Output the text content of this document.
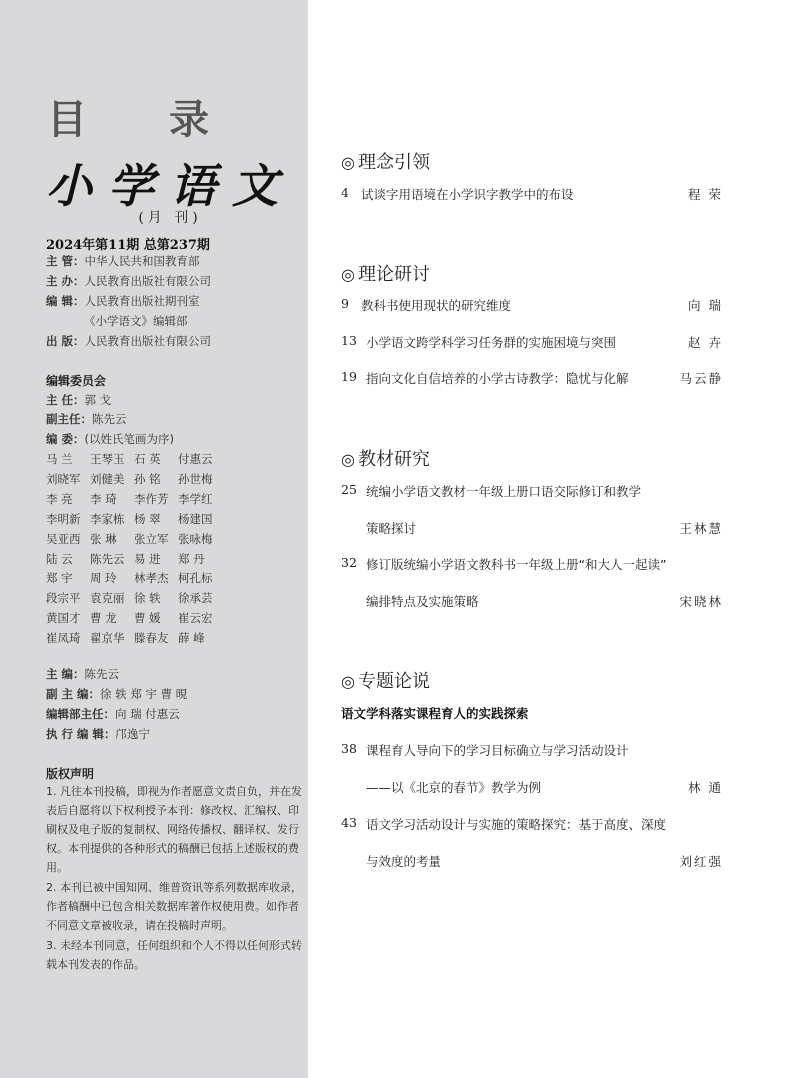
目 录
小学语文
(月 刊)
2024年第11期 总第237期
主 管：中华人民共和国教育部
主 办：人民教育出版社有限公司
编 辑：人民教育出版社期刊室
《小学语文》编辑部
出 版：人民教育出版社有限公司
编辑委员会
主 任：郭 戈
副主任：陈先云
编 委：(以姓氏笔画为序)
马 兰 王琴玉 石 英 付惠云
刘晓军 刘健美 孙 铭 孙世梅
李 亮 李 琦 李作芳 李学红
李明新 李家栋 杨 翠 杨建国
吴亚西 张 琳 张立军 张咏梅
陆 云 陈先云 易 进 郑 丹
郑 宇 周 玲 林孝杰 柯孔标
段宗平 袁克丽 徐 轶 徐承芸
黄国才 曹 龙 曹 媛 崔云宏
崔凤琦 翟京华 滕春友 薛 峰
主 编：陈先云
副 主 编：徐 轶 郑 宇 曹 晛
编辑部主任：向 瑞 付惠云
执 行 编 辑：邝逸宁
版权声明
1. 凡往本刊投稿，即视为作者愿意文责自负，并在发表后自愿将以下权利授予本刊：修改权、汇编权、印刷权及电子版的复制权、网络传播权、翻译权、发行权。本刊提供的各种形式的稿酬已包括上述版权的费用。
2. 本刊已被中国知网、维普资讯等系列数据库收录，作者稿酬中已包含相关数据库著作权使用费。如作者不同意文章被收录，请在投稿时声明。
3. 未经本刊同意，任何组织和个人不得以任何形式转载本刊发表的作品。
◎ 理念引领
4 试谈字用语境在小学识字教学中的布设	程 荣
◎ 理论研讨
9 教科书使用现状的研究维度	向 瑞
13 小学语文跨学科学习任务群的实施困境与突围	赵 卉
19 指向文化自信培养的小学古诗教学：隐忧与化解	马云静
◎ 教材研究
25 统编小学语文教材一年级上册口语交际修订和教学
策略探讨	王林慧
32 修订版统编小学语文教科书一年级上册“和大人一起读”
编排特点及实施策略	宋晓林
◎ 专题论说
语文学科落实课程育人的实践探索
38 课程育人导向下的学习目标确立与学习活动设计
——以《北京的春节》教学为例	林 通
43 语文学习活动设计与实施的策略探究：基于高度、深度
与效度的考量	刘红强
